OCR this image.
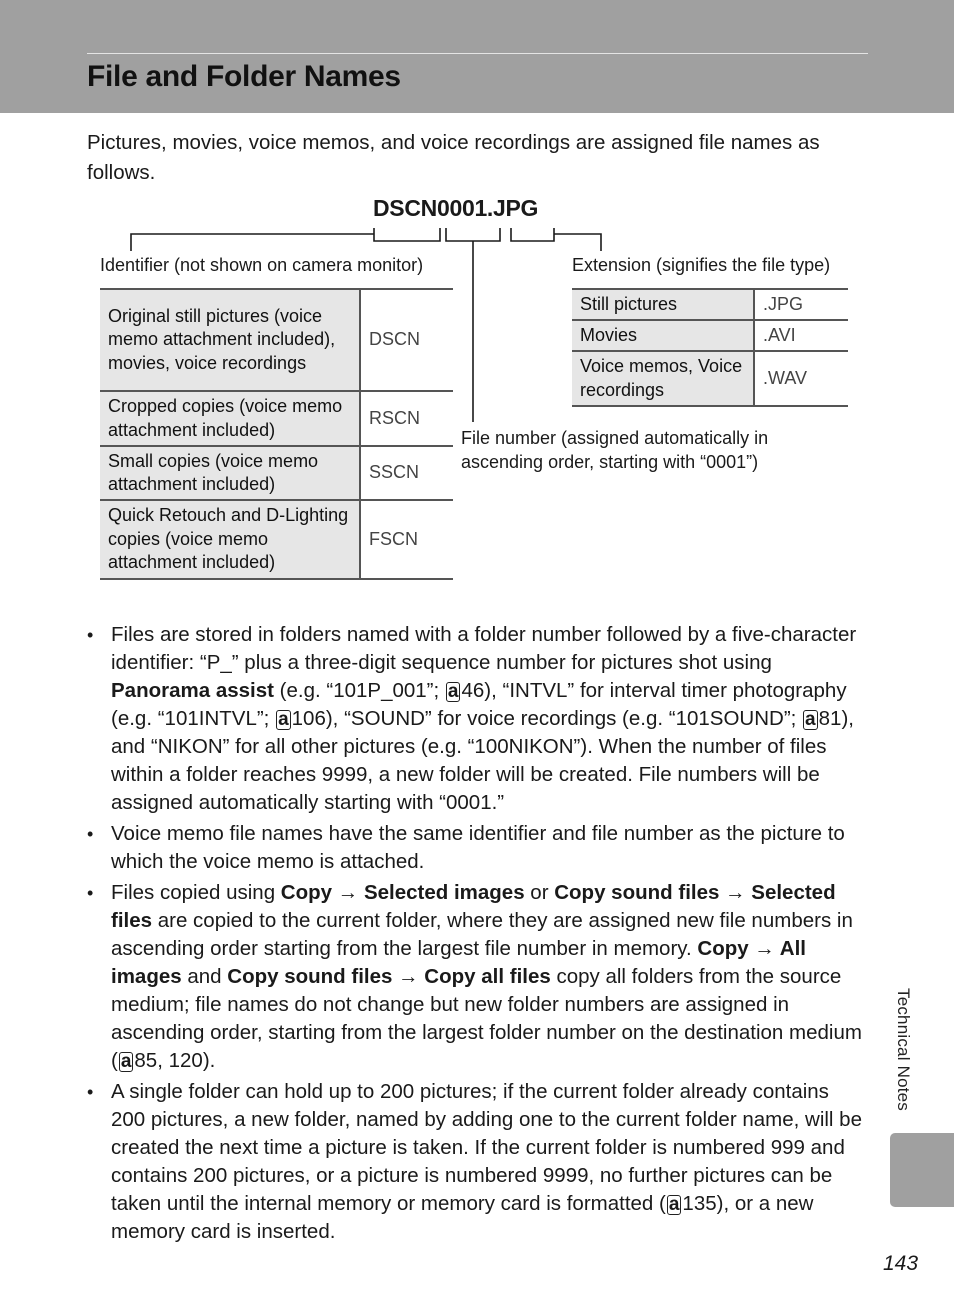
File and Folder Names

Pictures, movies, voice memos, and voice recordings are assigned file names as follows.

DSCN0001.JPG

Identifier (not shown on camera monitor)	Extension (signifies the file type)

File number (assigned automatically in ascending order, starting with “0001”)

Original still pictures (voice memo attachment included), movies, voice recordings	DSCN
Cropped copies (voice memo attachment included)	RSCN
Small copies (voice memo attachment included)	SSCN
Quick Retouch and D-Lighting copies (voice memo attachment included)	FSCN
Still pictures	.JPG
Movies	.AVI
Voice memos, Voice recordings	.WAV
• Files are stored in folders named with a folder number followed by a five-character identifier: “P_” plus a three-digit sequence number for pictures shot using Panorama assist (e.g. “101P_001”; a 46), “INTVL” for interval timer photography (e.g. “101INTVL”; a 106), “SOUND” for voice recordings (e.g. “101SOUND”; a 81), and “NIKON” for all other pictures (e.g. “100NIKON”). When the number of files within a folder reaches 9999, a new folder will be created. File numbers will be assigned automatically starting with “0001.”
• Voice memo file names have the same identifier and file number as the picture to which the voice memo is attached.
• Files copied using Copy → Selected images or Copy sound files → Selected files are copied to the current folder, where they are assigned new file numbers in ascending order starting from the largest file number in memory. Copy → All images and Copy sound files → Copy all files copy all folders from the source medium; file names do not change but new folder numbers are assigned in ascending order, starting from the largest folder number on the destination medium ( a 85, 120).
• A single folder can hold up to 200 pictures; if the current folder already contains 200 pictures, a new folder, named by adding one to the current folder name, will be created the next time a picture is taken. If the current folder is numbered 999 and contains 200 pictures, or a picture is numbered 9999, no further pictures can be taken until the internal memory or memory card is formatted ( a 135), or a new memory card is inserted.
Technical Notes
143
